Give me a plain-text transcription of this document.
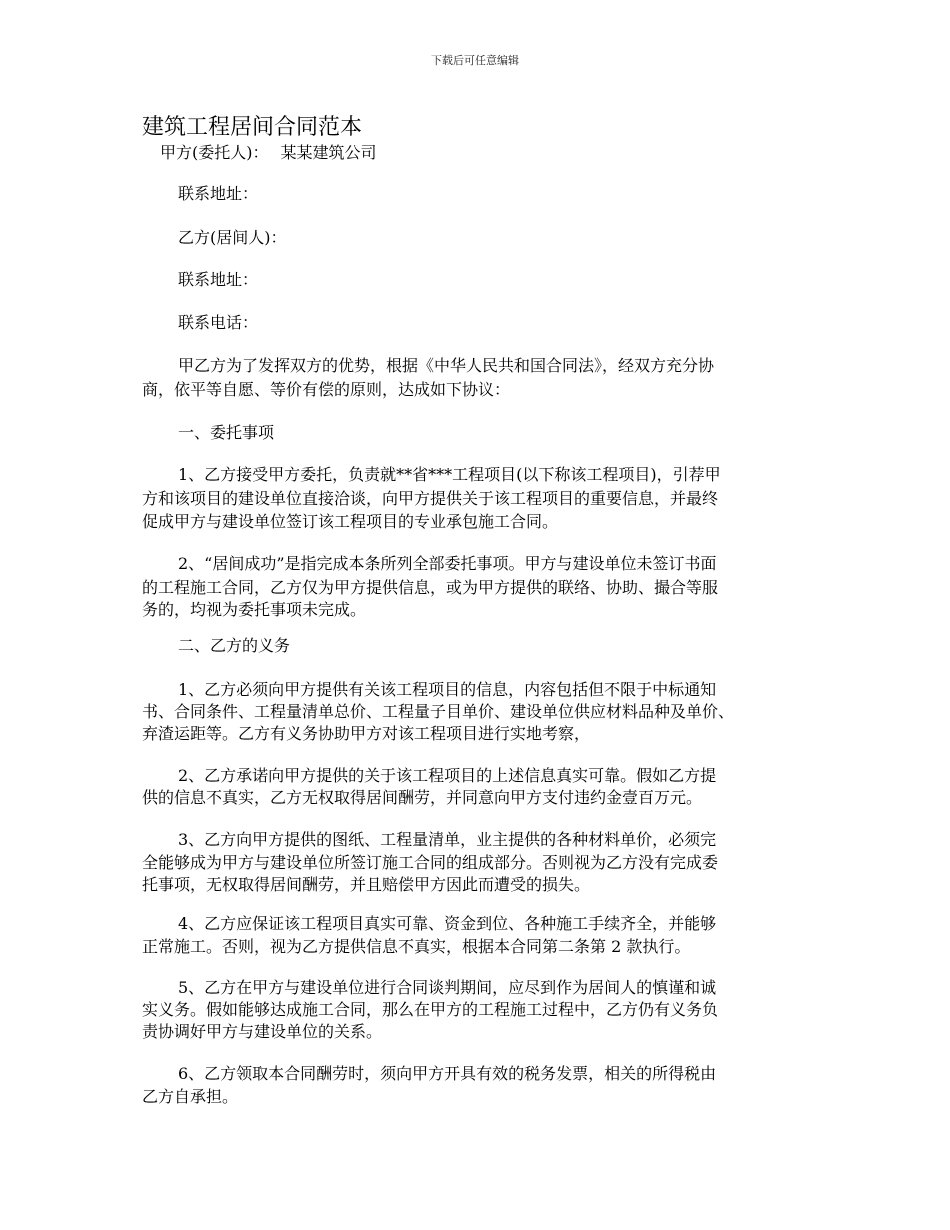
下载后可任意编辑
建筑工程居间合同范本
甲方(委托人)： 某某建筑公司
联系地址：
乙方(居间人)：
联系地址：
联系电话：
甲乙方为了发挥双方的优势，根据《中华人民共和国合同法》，经双方充分协
商，依平等自愿、等价有偿的原则，达成如下协议：
一、委托事项
1、乙方接受甲方委托，负责就**省***工程项目(以下称该工程项目)，引荐甲
方和该项目的建设单位直接洽谈，向甲方提供关于该工程项目的重要信息，并最终
促成甲方与建设单位签订该工程项目的专业承包施工合同。
2、“居间成功”是指完成本条所列全部委托事项。甲方与建设单位未签订书面
的工程施工合同，乙方仅为甲方提供信息，或为甲方提供的联络、协助、撮合等服
务的，均视为委托事项未完成。
二、乙方的义务
1、乙方必须向甲方提供有关该工程项目的信息，内容包括但不限于中标通知
书、合同条件、工程量清单总价、工程量子目单价、建设单位供应材料品种及单价、
弃渣运距等。乙方有义务协助甲方对该工程项目进行实地考察，
2、乙方承诺向甲方提供的关于该工程项目的上述信息真实可靠。假如乙方提
供的信息不真实，乙方无权取得居间酬劳，并同意向甲方支付违约金壹百万元。
3、乙方向甲方提供的图纸、工程量清单，业主提供的各种材料单价，必须完
全能够成为甲方与建设单位所签订施工合同的组成部分。否则视为乙方没有完成委
托事项，无权取得居间酬劳，并且赔偿甲方因此而遭受的损失。
4、乙方应保证该工程项目真实可靠、资金到位、各种施工手续齐全，并能够
正常施工。否则，视为乙方提供信息不真实，根据本合同第二条第 2 款执行。
5、乙方在甲方与建设单位进行合同谈判期间，应尽到作为居间人的慎谨和诚
实义务。假如能够达成施工合同，那么在甲方的工程施工过程中，乙方仍有义务负
责协调好甲方与建设单位的关系。
6、乙方领取本合同酬劳时，须向甲方开具有效的税务发票，相关的所得税由
乙方自承担。
